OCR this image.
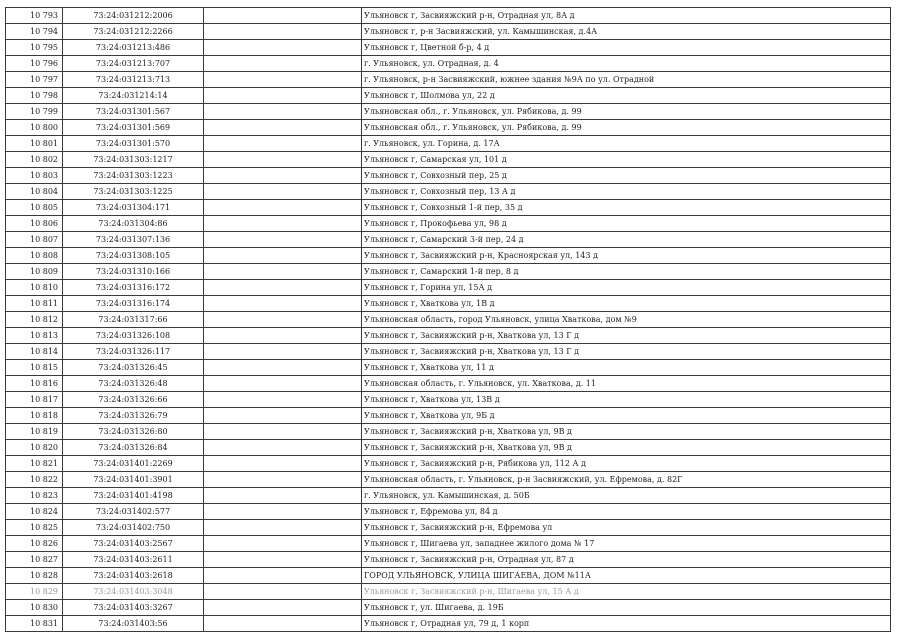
10 793	73:24:031212:2006		Ульяновск г, Засвияжский р-н, Отрадная ул, 8А д
10 794	73:24:031212:2266		Ульяновск г, р-н Засвияжский, ул. Камышинская, д.4А
10 795	73:24:031213:486		Ульяновск г, Цветной б-р, 4 д
10 796	73:24:031213:707		г. Ульяновск, ул. Отрадная, д. 4
10 797	73:24:031213:713		г. Ульяновск, р-н Засвияжский, южнее здания №9А по ул. Отрадной
10 798	73:24:031214:14		Ульяновск г, Шолмова ул, 22 д
10 799	73:24:031301:567		Ульяновская обл., г. Ульяновск, ул. Рябикова, д. 99
10 800	73:24:031301:569		Ульяновская обл., г. Ульяновск, ул. Рябикова, д. 99
10 801	73:24:031301:570		г. Ульяновск, ул. Горина, д. 17А
10 802	73:24:031303:1217		Ульяновск г, Самарская ул, 101 д
10 803	73:24:031303:1223		Ульяновск г, Совхозный пер, 25 д
10 804	73:24:031303:1225		Ульяновск г, Совхозный пер, 13 А д
10 805	73:24:031304:171		Ульяновск г, Совхозный 1-й пер, 35 д
10 806	73:24:031304:86		Ульяновск г, Прокофьева ул, 98 д
10 807	73:24:031307:136		Ульяновск г, Самарский 3-й пер, 24 д
10 808	73:24:031308:105		Ульяновск г, Засвияжский р-н, Красноярская ул, 143 д
10 809	73:24:031310:166		Ульяновск г, Самарский 1-й пер, 8 д
10 810	73:24:031316:172		Ульяновск г, Горина ул, 15А д
10 811	73:24:031316:174		Ульяновск г, Хваткова ул, 1В д
10 812	73:24:031317:66		Ульяновская область, город Ульяновск, улица Хваткова, дом №9
10 813	73:24:031326:108		Ульяновск г, Засвияжский р-н, Хваткова ул, 13 Г д
10 814	73:24:031326:117		Ульяновск г, Засвияжский р-н, Хваткова ул, 13 Г д
10 815	73:24:031326:45		Ульяновск г, Хваткова ул, 11 д
10 816	73:24:031326:48		Ульяновская область, г. Ульяновск, ул. Хваткова, д. 11
10 817	73:24:031326:66		Ульяновск г, Хваткова ул, 13В д
10 818	73:24:031326:79		Ульяновск г, Хваткова ул, 9Б д
10 819	73:24:031326:80		Ульяновск г, Засвияжский р-н, Хваткова ул, 9В д
10 820	73:24:031326:84		Ульяновск г, Засвияжский р-н, Хваткова ул, 9В д
10 821	73:24:031401:2269		Ульяновск г, Засвияжский р-н, Рябикова ул, 112 А д
10 822	73:24:031401:3901		Ульяновская область, г. Ульяновск, р-н Засвияжский, ул. Ефремова, д. 82Г
10 823	73:24:031401:4198		г. Ульяновск, ул. Камышинская, д. 50Б
10 824	73:24:031402:577		Ульяновск г, Ефремова ул, 84 д
10 825	73:24:031402:750		Ульяновск г, Засвияжский р-н, Ефремова ул
10 826	73:24:031403:2567		Ульяновск г, Шигаева ул, западнее жилого дома № 17
10 827	73:24:031403:2611		Ульяновск г, Засвияжский р-н, Отрадная ул, 87 д
10 828	73:24:031403:2618		ГОРОД УЛЬЯНОВСК, УЛИЦА ШИГАЕВА, ДОМ №11А
10 829	73:24:031403:3048		Ульяновск г, Засвияжский р-н, Шигаева ул, 15 А д
10 830	73:24:031403:3267		Ульяновск г, ул. Шигаева, д. 19Б
10 831	73:24:031403:56		Ульяновск г, Отрадная ул, 79 д, 1 корп
